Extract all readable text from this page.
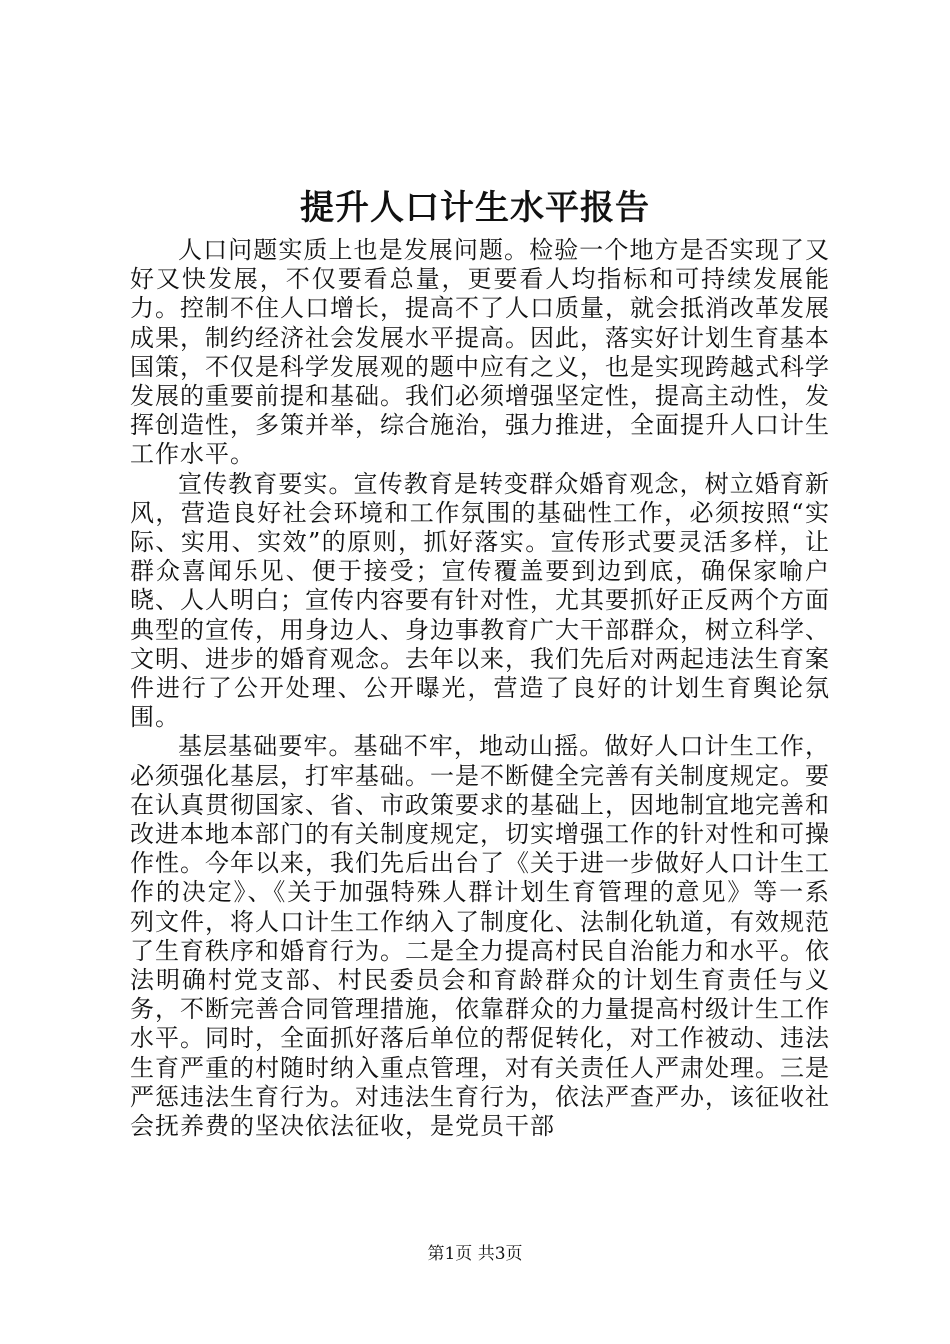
提升人口计生水平报告

人口问题实质上也是发展问题。检验一个地方是否实现了又好又快发展，不仅要看总量，更要看人均指标和可持续发展能力。控制不住人口增长，提高不了人口质量，就会抵消改革发展成果，制约经济社会发展水平提高。因此，落实好计划生育基本国策，不仅是科学发展观的题中应有之义，也是实现跨越式科学发展的重要前提和基础。我们必须增强坚定性，提高主动性，发挥创造性，多策并举，综合施治，强力推进，全面提升人口计生工作水平。

宣传教育要实。宣传教育是转变群众婚育观念，树立婚育新风，营造良好社会环境和工作氛围的基础性工作，必须按照“实际、实用、实效”的原则，抓好落实。宣传形式要灵活多样，让群众喜闻乐见、便于接受；宣传覆盖要到边到底，确保家喻户晓、人人明白；宣传内容要有针对性，尤其要抓好正反两个方面典型的宣传，用身边人、身边事教育广大干部群众，树立科学、文明、进步的婚育观念。去年以来，我们先后对两起违法生育案件进行了公开处理、公开曝光，营造了良好的计划生育舆论氛围。

基层基础要牢。基础不牢，地动山摇。做好人口计生工作，必须强化基层，打牢基础。一是不断健全完善有关制度规定。要在认真贯彻国家、省、市政策要求的基础上，因地制宜地完善和改进本地本部门的有关制度规定，切实增强工作的针对性和可操作性。今年以来，我们先后出台了《关于进一步做好人口计生工作的决定》、《关于加强特殊人群计划生育管理的意见》等一系列文件，将人口计生工作纳入了制度化、法制化轨道，有效规范了生育秩序和婚育行为。二是全力提高村民自治能力和水平。依法明确村党支部、村民委员会和育龄群众的计划生育责任与义务，不断完善合同管理措施，依靠群众的力量提高村级计生工作水平。同时，全面抓好落后单位的帮促转化，对工作被动、违法生育严重的村随时纳入重点管理，对有关责任人严肃处理。三是严惩违法生育行为。对违法生育行为，依法严查严办，该征收社会抚养费的坚决依法征收，是党员干部

第1页 共3页
